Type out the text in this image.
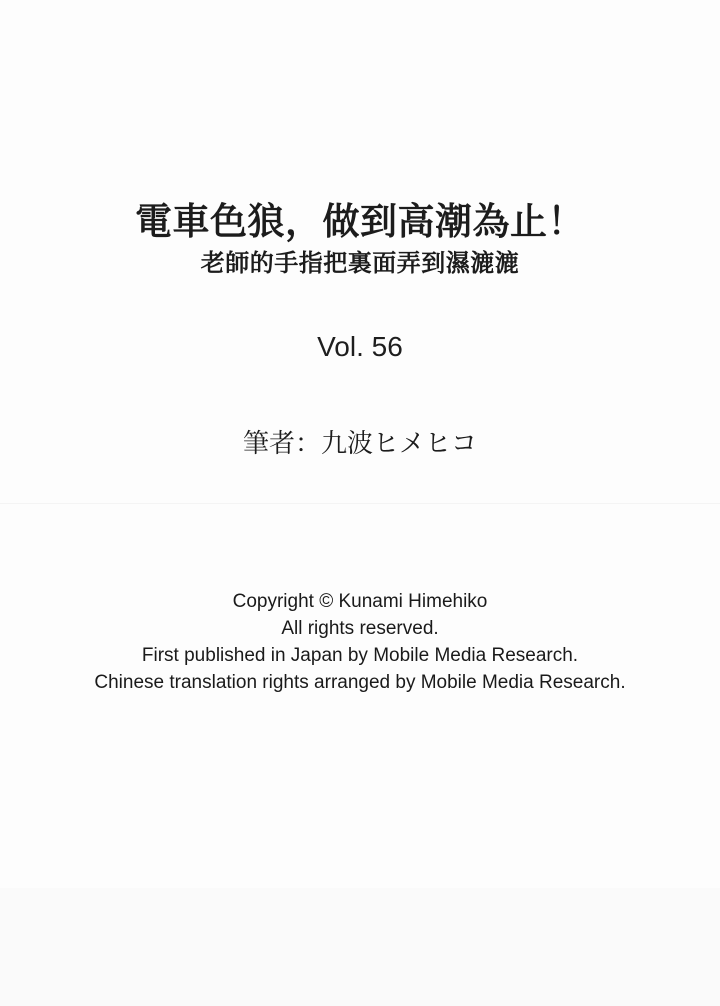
電車色狼，做到高潮為止！
老師的手指把裏面弄到濕漉漉
Vol. 56
筆者：九波ヒメヒコ
Copyright © Kunami Himehiko
All rights reserved.
First published in Japan by Mobile Media Research.
Chinese translation rights arranged by Mobile Media Research.
